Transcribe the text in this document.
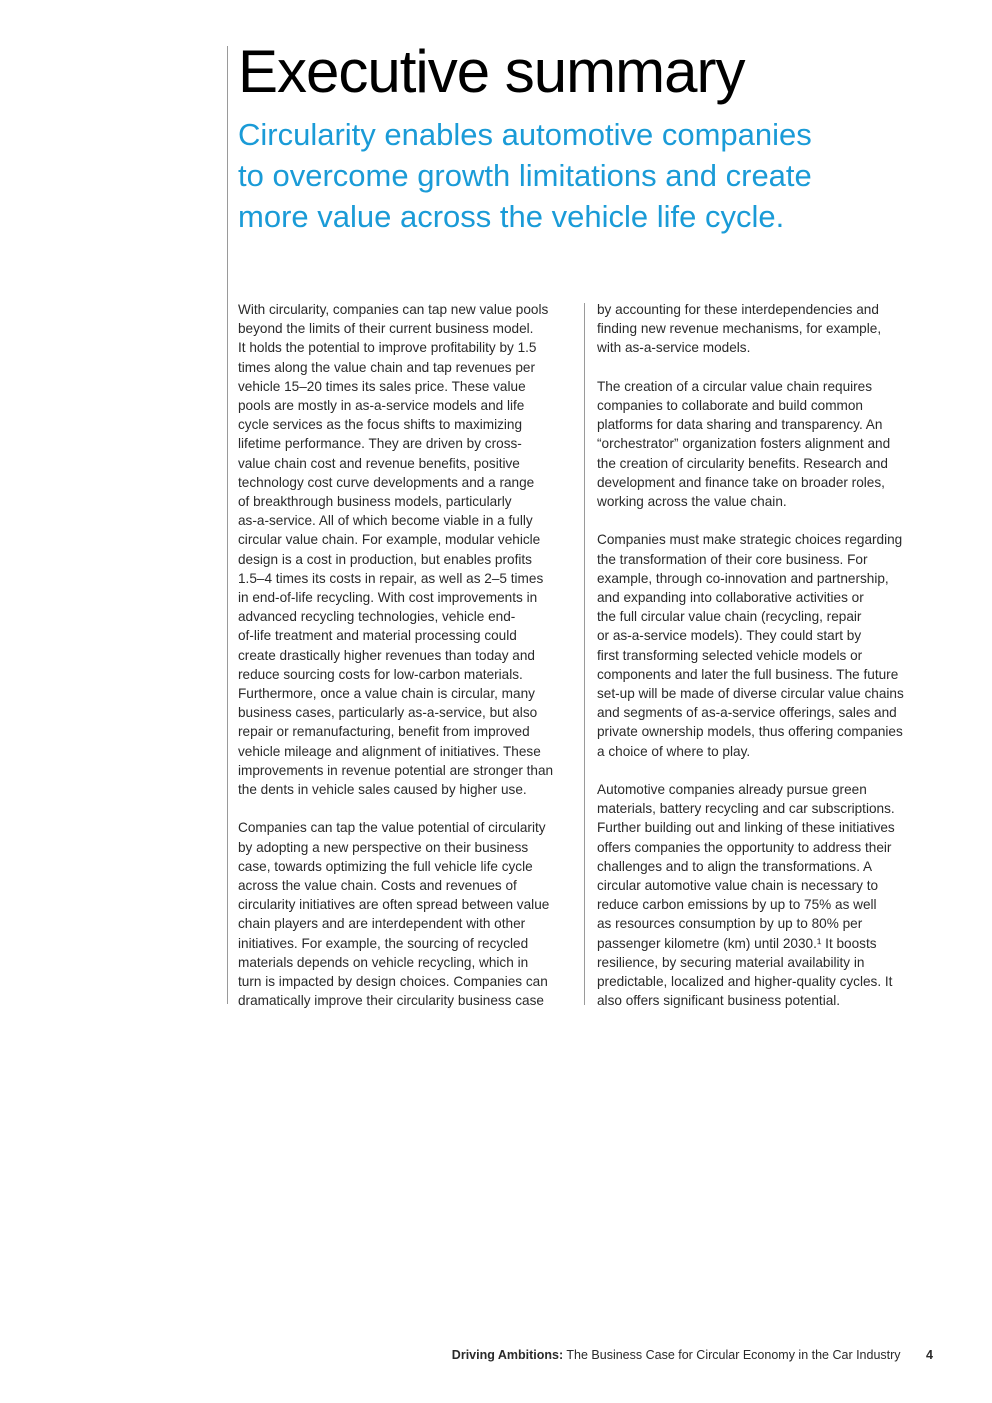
Executive summary
Circularity enables automotive companies
to overcome growth limitations and create
more value across the vehicle life cycle.

With circularity, companies can tap new value pools
beyond the limits of their current business model.
It holds the potential to improve profitability by 1.5
times along the value chain and tap revenues per
vehicle 15–20 times its sales price. These value
pools are mostly in as-a-service models and life
cycle services as the focus shifts to maximizing
lifetime performance. They are driven by cross-
value chain cost and revenue benefits, positive
technology cost curve developments and a range
of breakthrough business models, particularly
as-a-service. All of which become viable in a fully
circular value chain. For example, modular vehicle
design is a cost in production, but enables profits
1.5–4 times its costs in repair, as well as 2–5 times
in end-of-life recycling. With cost improvements in
advanced recycling technologies, vehicle end-
of-life treatment and material processing could
create drastically higher revenues than today and
reduce sourcing costs for low-carbon materials.
Furthermore, once a value chain is circular, many
business cases, particularly as-a-service, but also
repair or remanufacturing, benefit from improved
vehicle mileage and alignment of initiatives. These
improvements in revenue potential are stronger than
the dents in vehicle sales caused by higher use.

Companies can tap the value potential of circularity
by adopting a new perspective on their business
case, towards optimizing the full vehicle life cycle
across the value chain. Costs and revenues of
circularity initiatives are often spread between value
chain players and are interdependent with other
initiatives. For example, the sourcing of recycled
materials depends on vehicle recycling, which in
turn is impacted by design choices. Companies can
dramatically improve their circularity business case

by accounting for these interdependencies and
finding new revenue mechanisms, for example,
with as-a-service models.

The creation of a circular value chain requires
companies to collaborate and build common
platforms for data sharing and transparency. An
“orchestrator” organization fosters alignment and
the creation of circularity benefits. Research and
development and finance take on broader roles,
working across the value chain.

Companies must make strategic choices regarding
the transformation of their core business. For
example, through co-innovation and partnership,
and expanding into collaborative activities or
the full circular value chain (recycling, repair
or as-a-service models). They could start by
first transforming selected vehicle models or
components and later the full business. The future
set-up will be made of diverse circular value chains
and segments of as-a-service offerings, sales and
private ownership models, thus offering companies
a choice of where to play.

Automotive companies already pursue green
materials, battery recycling and car subscriptions.
Further building out and linking of these initiatives
offers companies the opportunity to address their
challenges and to align the transformations. A
circular automotive value chain is necessary to
reduce carbon emissions by up to 75% as well
as resources consumption by up to 80% per
passenger kilometre (km) until 2030.¹ It boosts
resilience, by securing material availability in
predictable, localized and higher-quality cycles. It
also offers significant business potential.

Driving Ambitions: The Business Case for Circular Economy in the Car Industry 4
